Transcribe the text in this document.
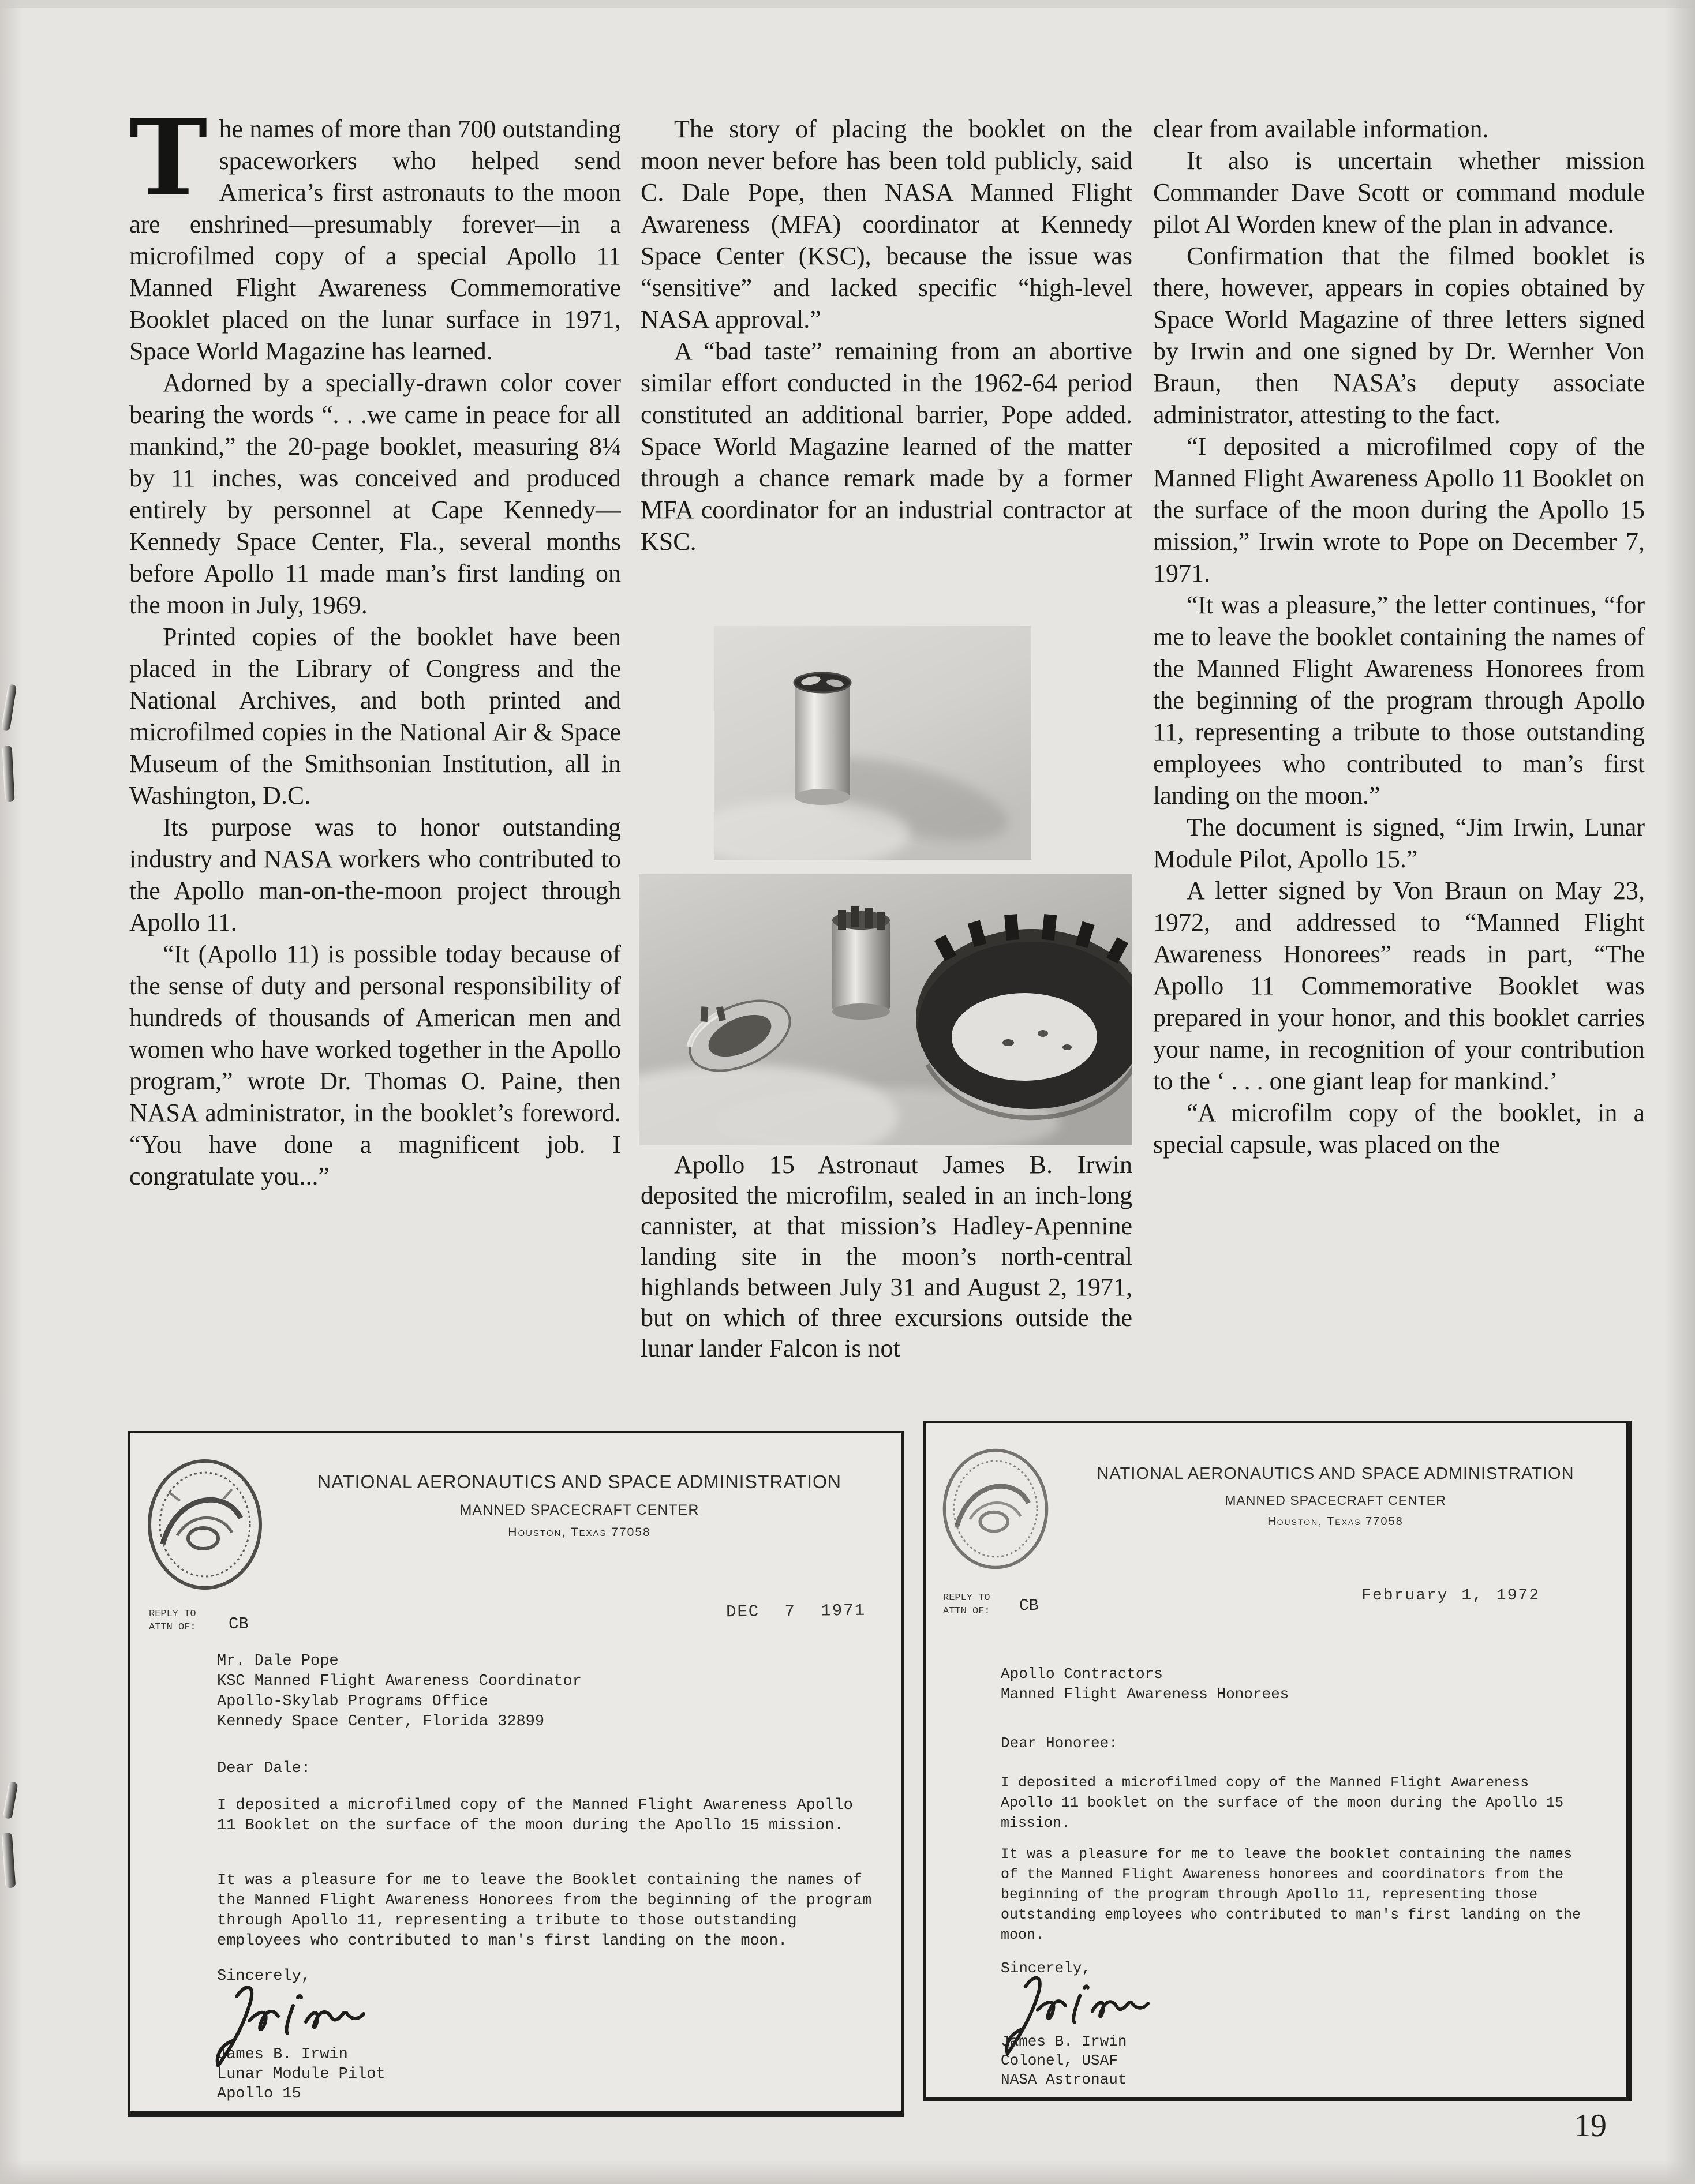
The names of more than 700 outstanding spaceworkers who helped send America’s first astronauts to the moon are enshrined—presumably forever—in a microfilmed copy of a special Apollo 11 Manned Flight Awareness Commemorative Booklet placed on the lunar surface in 1971, Space World Magazine has learned.

Adorned by a specially-drawn color cover bearing the words “. . .we came in peace for all mankind,” the 20-page booklet, measuring 8¼ by 11 inches, was conceived and produced entirely by personnel at Cape Kennedy—Kennedy Space Center, Fla., several months before Apollo 11 made man’s first landing on the moon in July, 1969.

Printed copies of the booklet have been placed in the Library of Congress and the National Archives, and both printed and microfilmed copies in the National Air & Space Museum of the Smithsonian Institution, all in Washington, D.C.

Its purpose was to honor outstanding industry and NASA workers who contributed to the Apollo man-on-the-moon project through Apollo 11.

“It (Apollo 11) is possible today because of the sense of duty and personal responsibility of hundreds of thousands of American men and women who have worked together in the Apollo program,” wrote Dr. Thomas O. Paine, then NASA administrator, in the booklet’s foreword. “You have done a magnificent job. I congratulate you...”

The story of placing the booklet on the moon never before has been told publicly, said C. Dale Pope, then NASA Manned Flight Awareness (MFA) coordinator at Kennedy Space Center (KSC), because the issue was “sensitive” and lacked specific “high-level NASA approval.”

A “bad taste” remaining from an abortive similar effort conducted in the 1962-64 period constituted an additional barrier, Pope added. Space World Magazine learned of the matter through a chance remark made by a former MFA coordinator for an industrial contractor at KSC.

Apollo 15 Astronaut James B. Irwin deposited the microfilm, sealed in an inch-long cannister, at that mission’s Hadley-Apennine landing site in the moon’s north-central highlands between July 31 and August 2, 1971, but on which of three excursions outside the lunar lander Falcon is not

clear from available information.

It also is uncertain whether mission Commander Dave Scott or command module pilot Al Worden knew of the plan in advance.

Confirmation that the filmed booklet is there, however, appears in copies obtained by Space World Magazine of three letters signed by Irwin and one signed by Dr. Wernher Von Braun, then NASA’s deputy associate administrator, attesting to the fact.

“I deposited a microfilmed copy of the Manned Flight Awareness Apollo 11 Booklet on the surface of the moon during the Apollo 15 mission,” Irwin wrote to Pope on December 7, 1971.

“It was a pleasure,” the letter continues, “for me to leave the booklet containing the names of the Manned Flight Awareness Honorees from the beginning of the program through Apollo 11, representing a tribute to those outstanding employees who contributed to man’s first landing on the moon.”

The document is signed, “Jim Irwin, Lunar Module Pilot, Apollo 15.”

A letter signed by Von Braun on May 23, 1972, and addressed to “Manned Flight Awareness Honorees” reads in part, “The Apollo 11 Commemorative Booklet was prepared in your honor, and this booklet carries your name, in recognition of your contribution to the ‘ . . . one giant leap for mankind.’

“A microfilm copy of the booklet, in a special capsule, was placed on the

NATIONAL AERONAUTICS AND SPACE ADMINISTRATION
MANNED SPACECRAFT CENTER
Houston, Texas 77058
REPLY TO
ATTN OF: CB
DEC 7 1971
Mr. Dale Pope
KSC Manned Flight Awareness Coordinator
Apollo-Skylab Programs Office
Kennedy Space Center, Florida 32899
Dear Dale:

I deposited a microfilmed copy of the Manned Flight Awareness Apollo 11 Booklet on the surface of the moon during the Apollo 15 mission.

It was a pleasure for me to leave the Booklet containing the names of the Manned Flight Awareness Honorees from the beginning of the program through Apollo 11, representing a tribute to those outstanding employees who contributed to man's first landing on the moon.

Sincerely,
James B. Irwin
Lunar Module Pilot
Apollo 15
NATIONAL AERONAUTICS AND SPACE ADMINISTRATION
MANNED SPACECRAFT CENTER
Houston, Texas 77058
REPLY TO
ATTN OF: CB
February 1, 1972
Apollo Contractors
Manned Flight Awareness Honorees
Dear Honoree:

I deposited a microfilmed copy of the Manned Flight Awareness Apollo 11 booklet on the surface of the moon during the Apollo 15 mission.

It was a pleasure for me to leave the booklet containing the names of the Manned Flight Awareness honorees and coordinators from the beginning of the program through Apollo 11, representing those outstanding employees who contributed to man's first landing on the moon.

Sincerely,
James B. Irwin
Colonel, USAF
NASA Astronaut
19
